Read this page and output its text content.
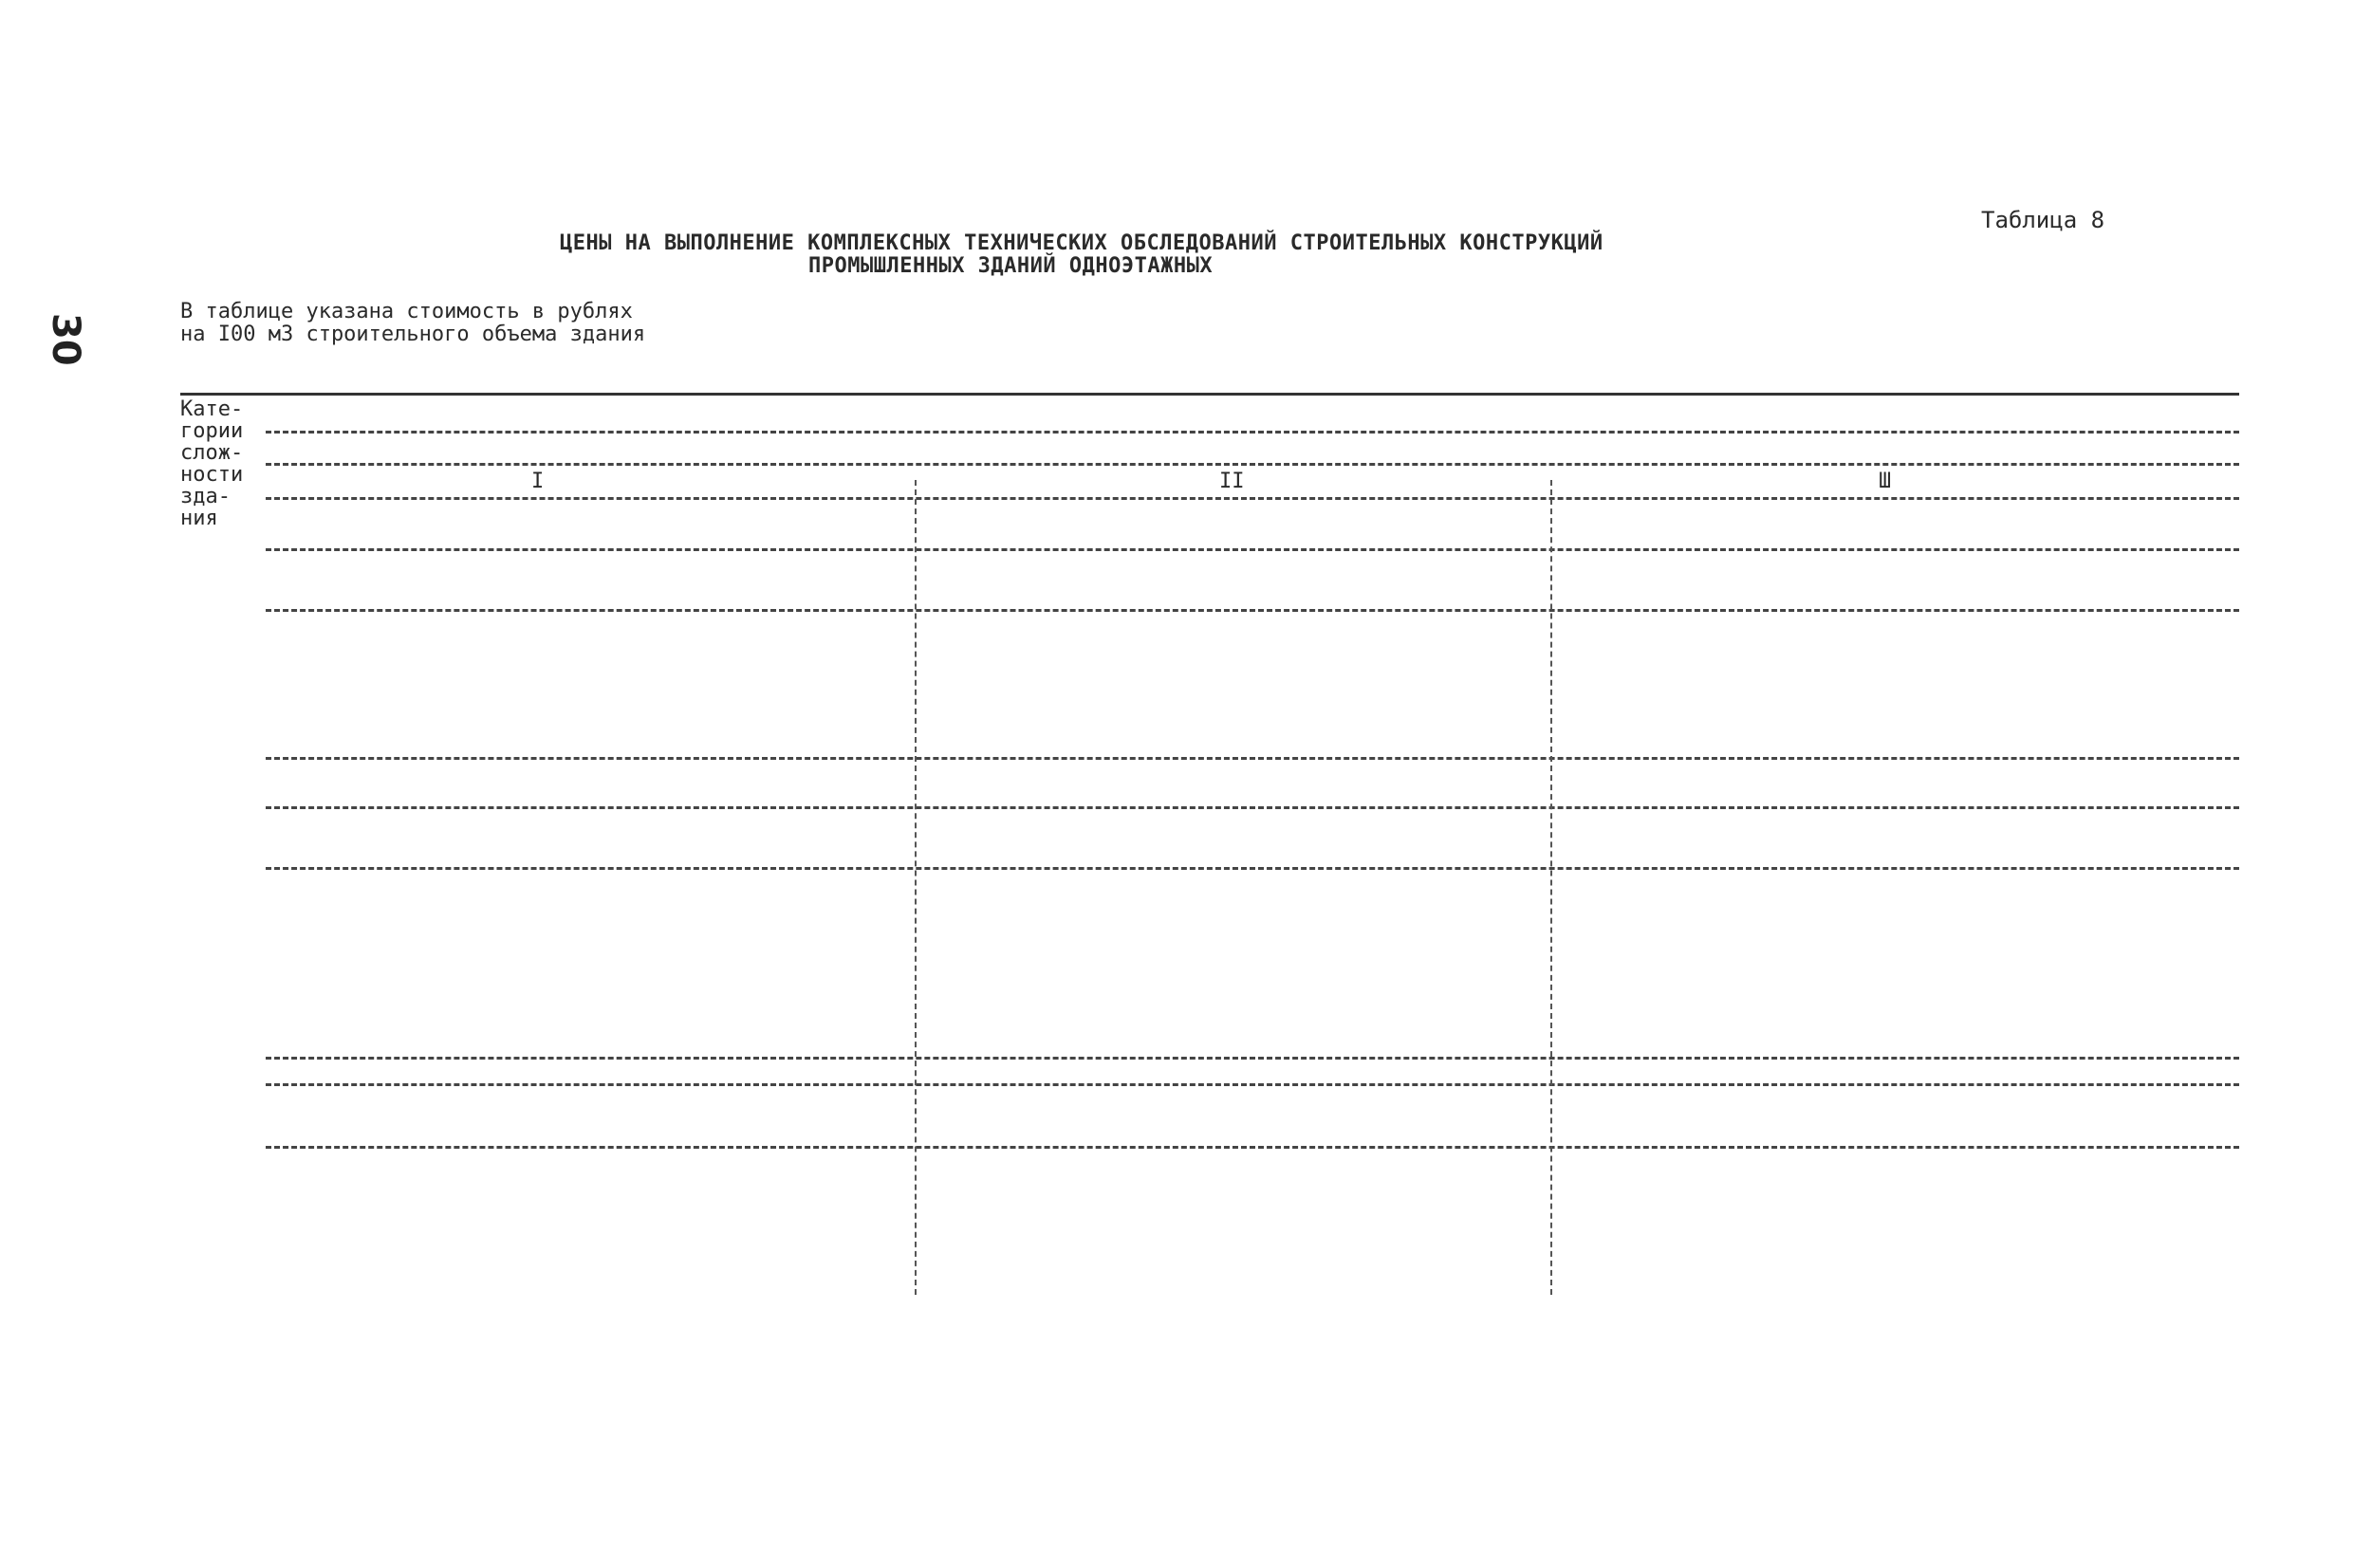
30
Таблица 8
ЦЕНЫ НА ВЫПОЛНЕНИЕ КОМПЛЕКСНЫХ ТЕХНИЧЕСКИХ ОБСЛЕДОВАНИЙ СТРОИТЕЛЬНЫХ КОНСТРУКЦИЙ
ПРОМЫШЛЕННЫХ ЗДАНИЙ ОДНОЭТАЖНЫХ
В таблице указана стоимость в рублях
на I00 м3 строительного объема здания
Кате-
гории
слож-
ности
зда-
ния
I	II	Ш
